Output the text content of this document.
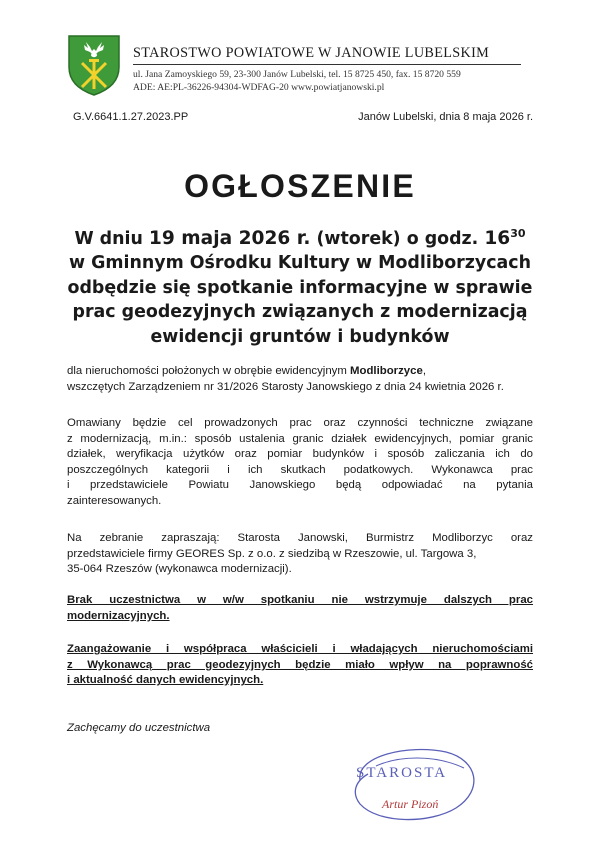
STAROSTWO POWIATOWE W JANOWIE LUBELSKIM
ul. Jana Zamoyskiego 59, 23-300 Janów Lubelski, tel. 15 8725 450, fax. 15 8720 559
ADE: AE:PL-36226-94304-WDFAG-20 www.powiatjanowski.pl
G.V.6641.1.27.2023.PP	Janów Lubelski, dnia 8 maja 2026 r.
OGŁOSZENIE
W dniu 19 maja 2026 r. (wtorek) o godz. $16^{30}$
w Gminnym Ośrodku Kultury w Modliborzycach
odbędzie się spotkanie informacyjne w sprawie
prac geodezyjnych związanych z modernizacją
ewidencji gruntów i budynków
dla nieruchomości położonych w obrębie ewidencyjnym Modliborzyce,
wszczętych Zarządzeniem nr 31/2026 Starosty Janowskiego z dnia 24 kwietnia 2026 r.
Omawiany będzie cel prowadzonych prac oraz czynności techniczne związane
z modernizacją, m.in.: sposób ustalenia granic działek ewidencyjnych, pomiar granic
działek, weryfikacja użytków oraz pomiar budynków i sposób zaliczania ich do
poszczególnych kategorii i ich skutkach podatkowych. Wykonawca prac
i przedstawiciele Powiatu Janowskiego będą odpowiadać na pytania
zainteresowanych.
Na zebranie zapraszają: Starosta Janowski, Burmistrz Modliborzyc oraz
przedstawiciele firmy GEORES Sp. z o.o. z siedzibą w Rzeszowie, ul. Targowa 3,
35-064 Rzeszów (wykonawca modernizacji).
Brak uczestnictwa w w/w spotkaniu nie wstrzymuje dalszych prac
modernizacyjnych.
Zaangażowanie i współpraca właścicieli i władających nieruchomościami
z Wykonawcą prac geodezyjnych będzie miało wpływ na poprawność
i aktualność danych ewidencyjnych.
Zachęcamy do uczestnictwa
STAROSTA
Artur Pizoń
